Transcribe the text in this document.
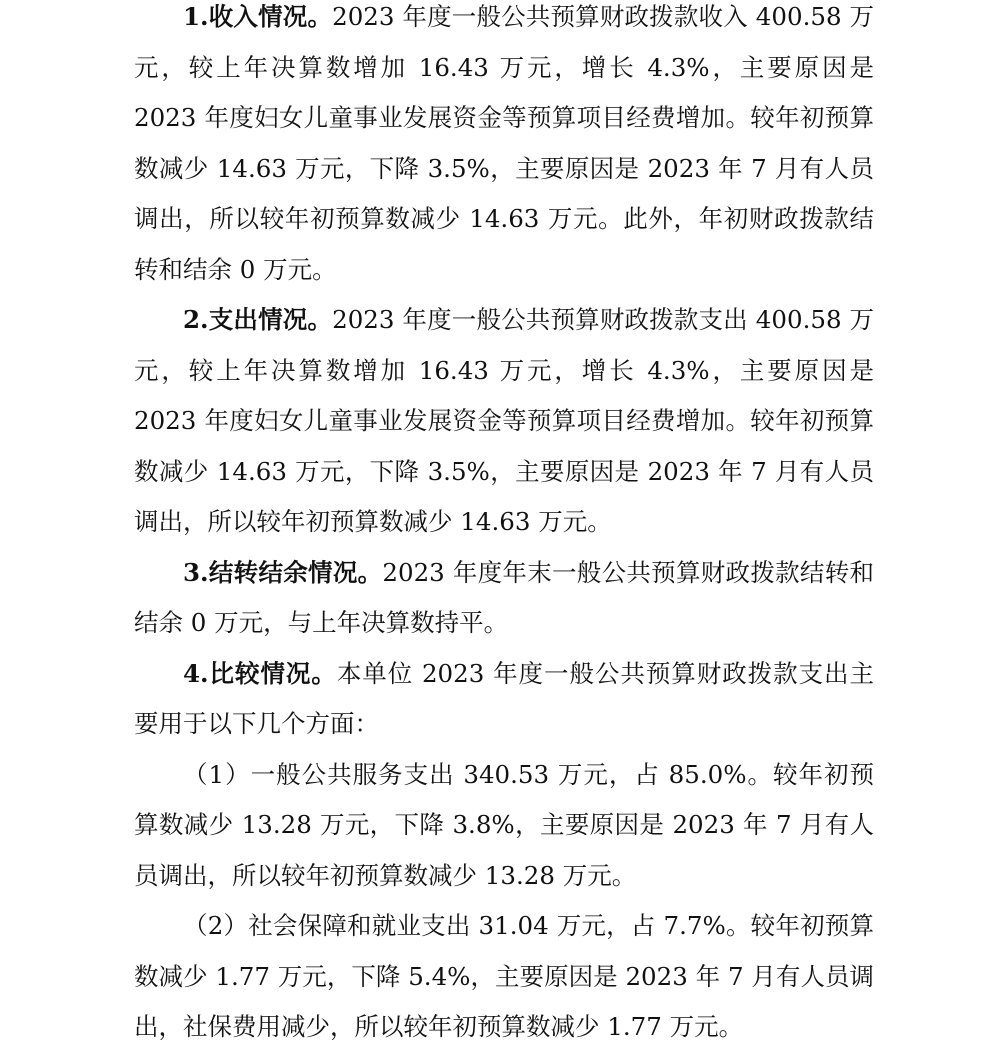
1.收入情况。2023 年度一般公共预算财政拨款收入 400.58 万元，较上年决算数增加 16.43 万元，增长 4.3%，主要原因是 2023 年度妇女儿童事业发展资金等预算项目经费增加。较年初预算数减少 14.63 万元，下降 3.5%，主要原因是 2023 年 7 月有人员调出，所以较年初预算数减少 14.63 万元。此外，年初财政拨款结转和结余 0 万元。

2.支出情况。2023 年度一般公共预算财政拨款支出 400.58 万元，较上年决算数增加 16.43 万元，增长 4.3%，主要原因是 2023 年度妇女儿童事业发展资金等预算项目经费增加。较年初预算数减少 14.63 万元，下降 3.5%，主要原因是 2023 年 7 月有人员调出，所以较年初预算数减少 14.63 万元。

3.结转结余情况。2023 年度年末一般公共预算财政拨款结转和结余 0 万元，与上年决算数持平。

4.比较情况。本单位 2023 年度一般公共预算财政拨款支出主要用于以下几个方面：

（1）一般公共服务支出 340.53 万元，占 85.0%。较年初预算数减少 13.28 万元，下降 3.8%，主要原因是 2023 年 7 月有人员调出，所以较年初预算数减少 13.28 万元。

（2）社会保障和就业支出 31.04 万元，占 7.7%。较年初预算数减少 1.77 万元，下降 5.4%，主要原因是 2023 年 7 月有人员调出，社保费用减少，所以较年初预算数减少 1.77 万元。
